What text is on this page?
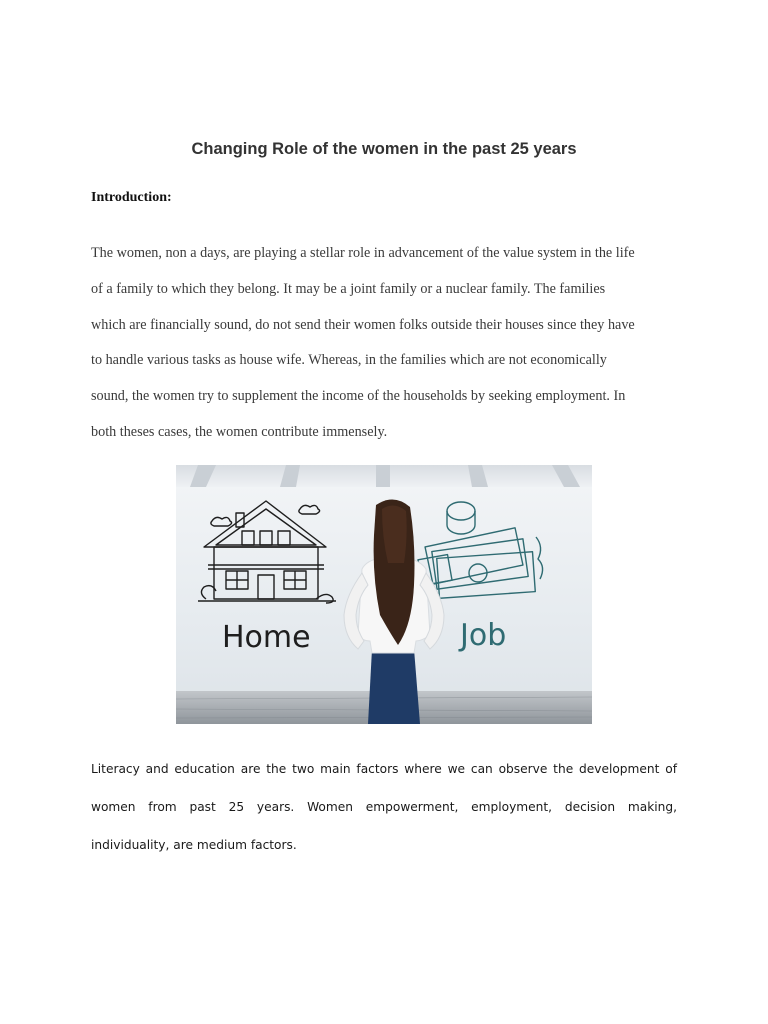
Changing Role of the women in the past 25 years
Introduction:
The women, non a days, are playing a stellar role in advancement of the value system in the life
of a family to which they belong. It may be a joint family or a nuclear family. The families
which are financially sound, do not send their women folks outside their houses since they have
to handle various tasks as house wife. Whereas, in the families which are not economically
sound, the women try to supplement the income of the households by seeking employment. In
both theses cases, the women contribute immensely.
Home	Job
Literacy and education are the two main factors where we can observe the development of
women from past 25 years. Women empowerment, employment, decision making,
individuality, are medium factors.
